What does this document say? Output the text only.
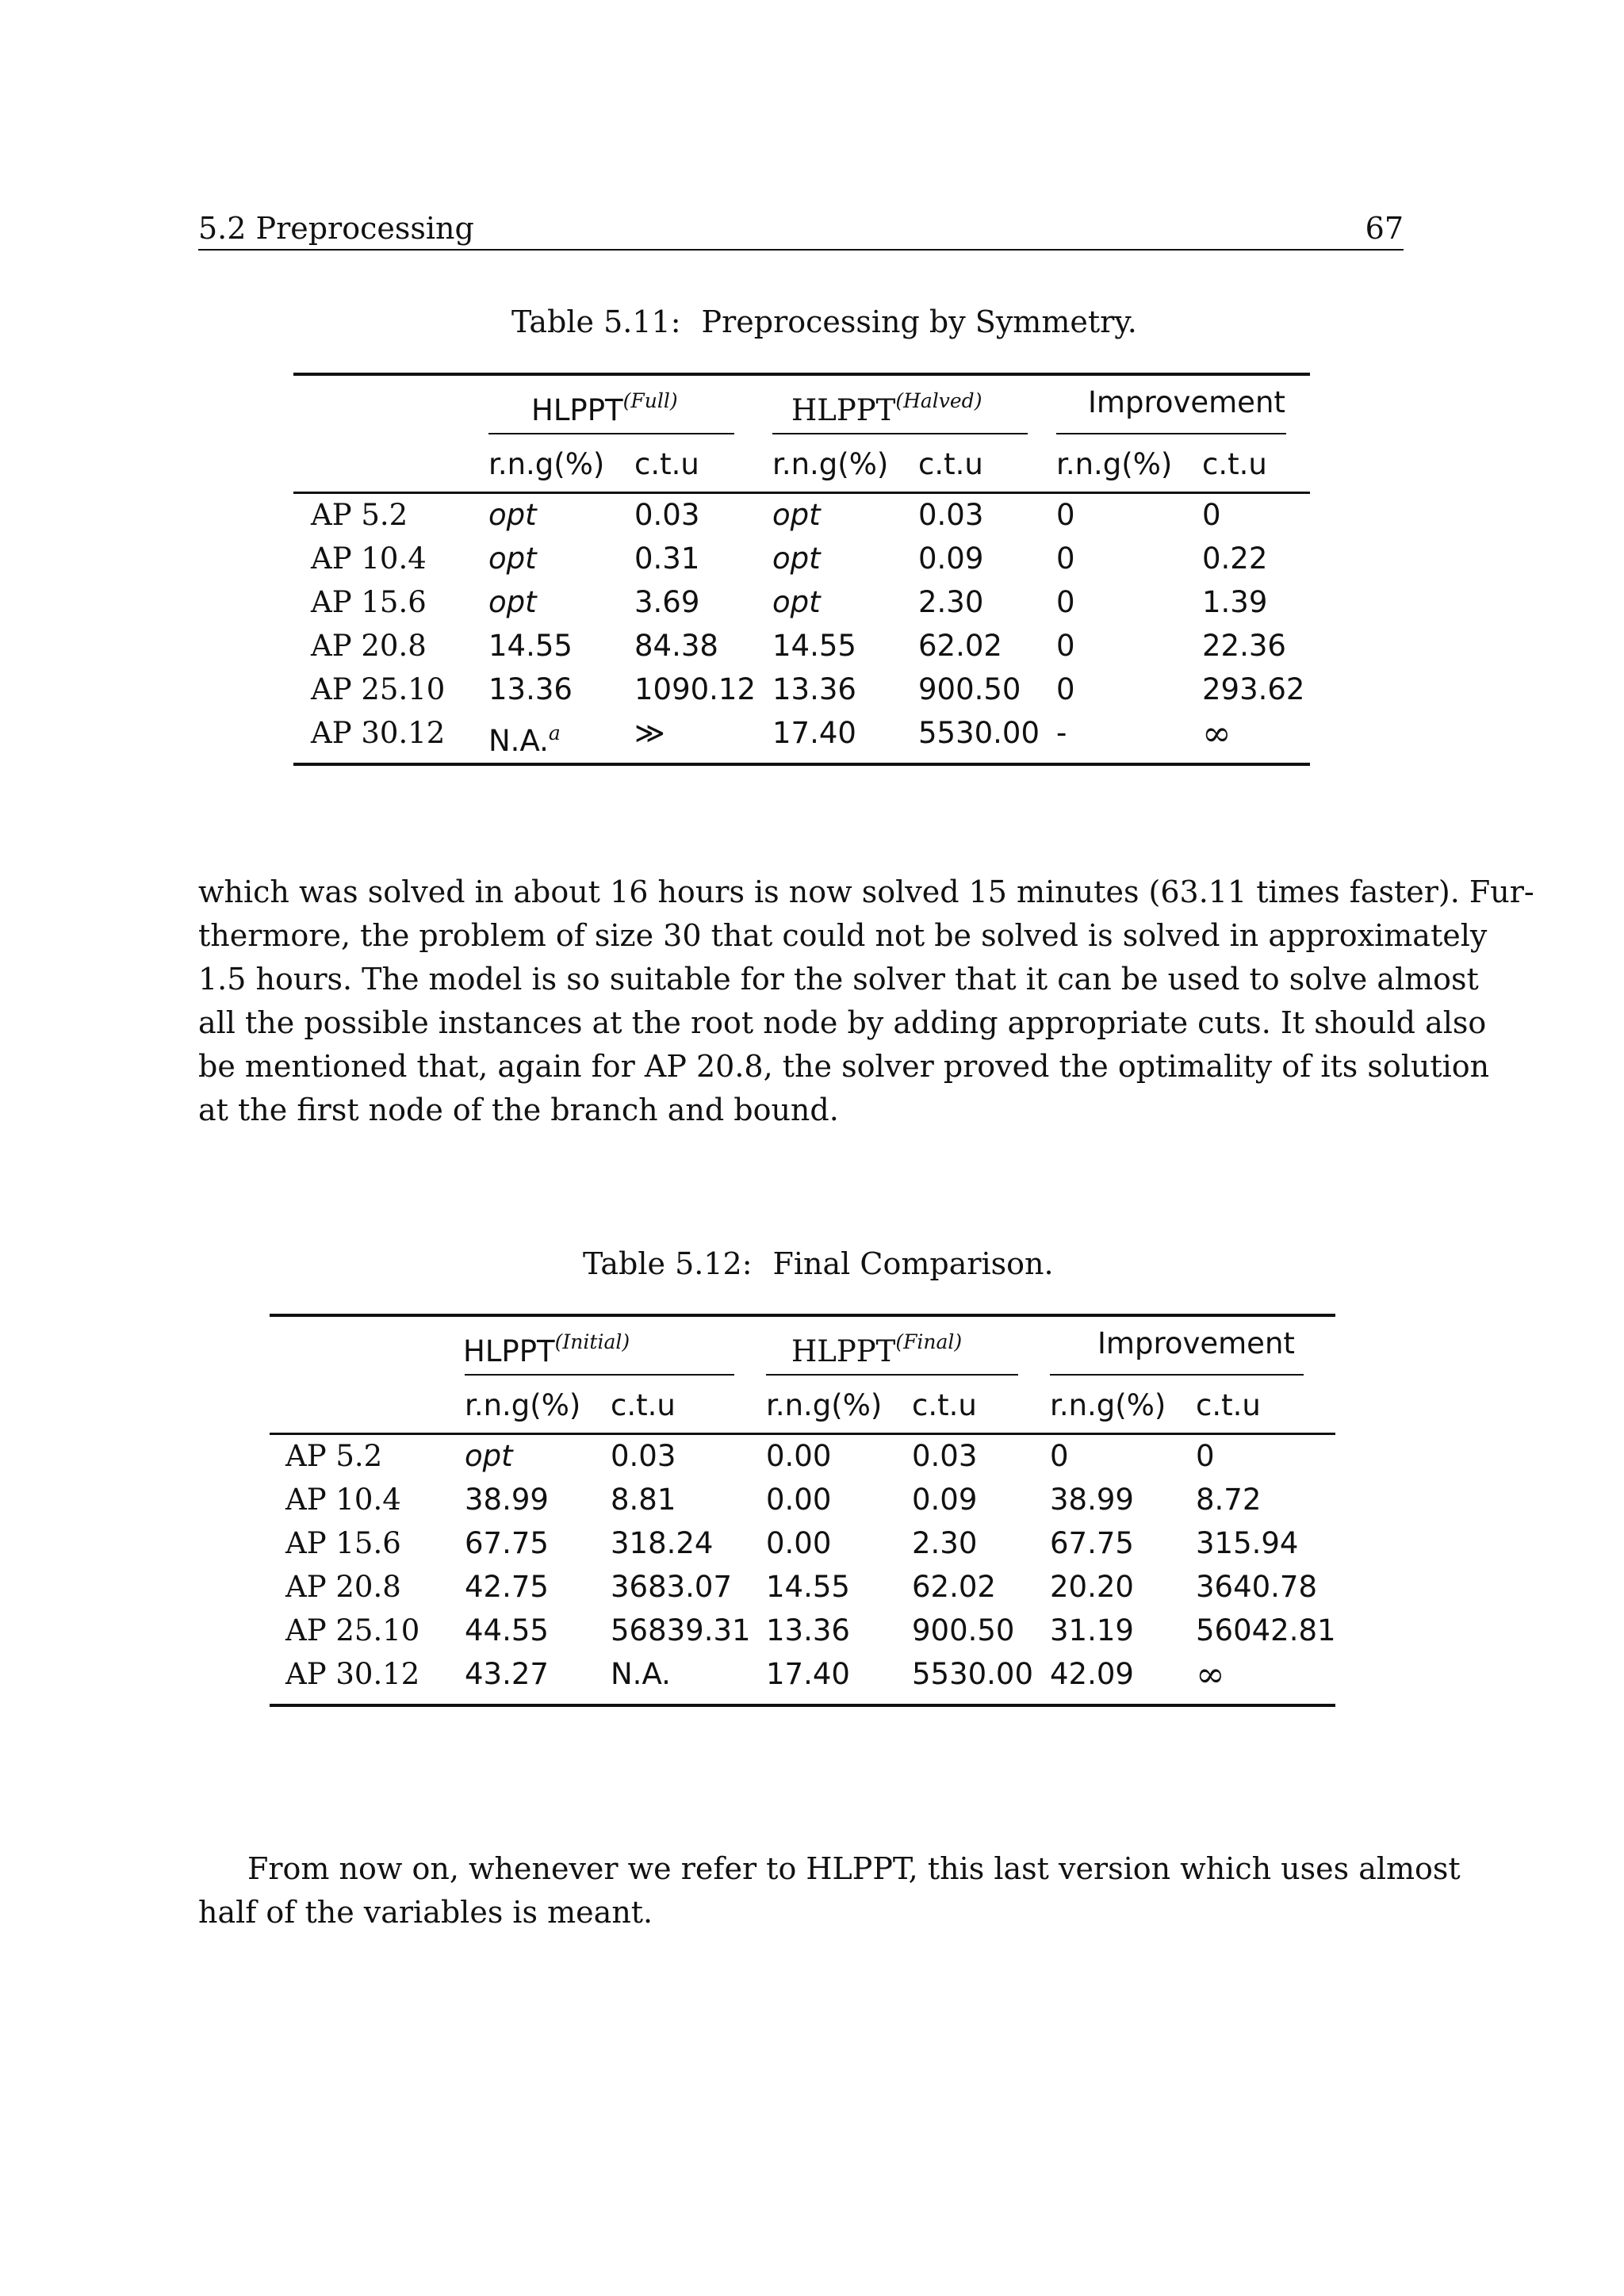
5.2 Preprocessing	67
Table 5.11: Preprocessing by Symmetry.
$HLPPT^{(Full)}$	$HLPPT^{(Halved)}$	Improvement
r.n.g(%) c.t.u r.n.g(%) c.t.u r.n.g(%) c.t.u
AP 5.2	opt	0.03 opt	0.03 0	0
AP 10.4 opt	0.31 opt	0.09 0	0.22
AP 15.6 opt	3.69 opt	2.30 0	1.39
AP 20.8 14.55 84.38 14.55 62.02 0	22.36
AP 25.10 13.36 1090.12 13.36 900.50 0	293.62
AP 30.12 N.A.$^a$	≫	17.40 5530.00 -	∞
which was solved in about 16 hours is now solved 15 minutes (63.11 times faster). Fur-
thermore, the problem of size 30 that could not be solved is solved in approximately
1.5 hours. The model is so suitable for the solver that it can be used to solve almost
all the possible instances at the root node by adding appropriate cuts. It should also
be mentioned that, again for AP 20.8, the solver proved the optimality of its solution
at the first node of the branch and bound.
Table 5.12: Final Comparison.
$HLPPT^{(Initial)}$	$HLPPT^{(Final)}$	Improvement
r.n.g(%) c.t.u	r.n.g(%) c.t.u r.n.g(%) c.t.u
AP 5.2	opt	0.03	0.00	0.03 0	0
AP 10.4 38.99 8.81	0.00	0.09 38.99 8.72
AP 15.6 67.75 318.24 0.00	2.30 67.75 315.94
AP 20.8 42.75 3683.07 14.55 62.02 20.20 3640.78
AP 25.10 44.55 56839.31 13.36 900.50 31.19 56042.81
AP 30.12 43.27 N.A.	17.40 5530.00 42.09 ∞
From now on, whenever we refer to HLPPT, this last version which uses almost
half of the variables is meant.
